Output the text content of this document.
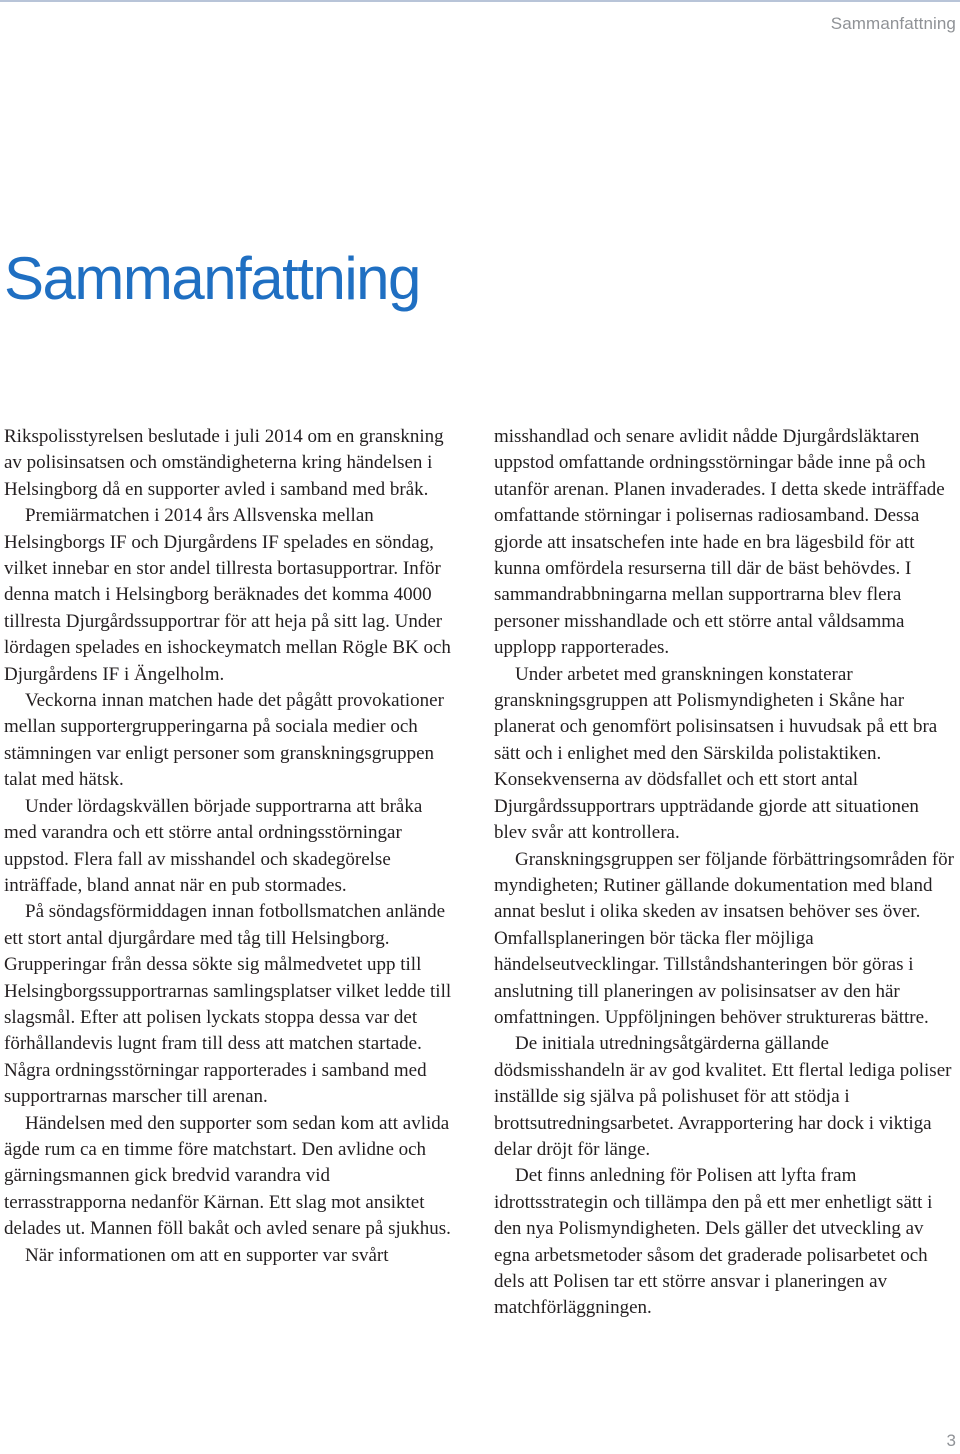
Sammanfattning
Sammanfattning

Rikspolisstyrelsen beslutade i juli 2014 om en granskning av polisinsatsen och omständigheterna kring händelsen i Helsingborg då en supporter avled i samband med bråk.

Premiärmatchen i 2014 års Allsvenska mellan Helsingborgs IF och Djurgårdens IF spelades en söndag, vilket innebar en stor andel tillresta bortasupportrar. Inför denna match i Helsingborg beräknades det komma 4000 tillresta Djurgårdssupportrar för att heja på sitt lag. Under lördagen spelades en ishockeymatch mellan Rögle BK och Djurgårdens IF i Ängelholm.

Veckorna innan matchen hade det pågått provokationer mellan supportergrupperingarna på sociala medier och stämningen var enligt personer som granskningsgruppen talat med hätsk.

Under lördagskvällen började supportrarna att bråka med varandra och ett större antal ordningsstörningar uppstod. Flera fall av misshandel och skadegörelse inträffade, bland annat när en pub stormades.

På söndagsförmiddagen innan fotbollsmatchen anlände ett stort antal djurgårdare med tåg till Helsingborg. Grupperingar från dessa sökte sig målmedvetet upp till Helsingborgssupportrarnas samlingsplatser vilket ledde till slagsmål. Efter att polisen lyckats stoppa dessa var det förhållandevis lugnt fram till dess att matchen startade. Några ordningsstörningar rapporterades i samband med supportrarnas marscher till arenan.

Händelsen med den supporter som sedan kom att avlida ägde rum ca en timme före matchstart. Den avlidne och gärningsmannen gick bredvid varandra vid terrasstrapporna nedanför Kärnan. Ett slag mot ansiktet delades ut. Mannen föll bakåt och avled senare på sjukhus.

När informationen om att en supporter var svårt

misshandlad och senare avlidit nådde Djurgårdsläktaren uppstod omfattande ordningsstörningar både inne på och utanför arenan. Planen invaderades. I detta skede inträffade omfattande störningar i polisernas radiosamband. Dessa gjorde att insatschefen inte hade en bra lägesbild för att kunna omfördela resurserna till där de bäst behövdes. I sammandrabbningarna mellan supportrarna blev flera personer misshandlade och ett större antal våldsamma upplopp rapporterades.

Under arbetet med granskningen konstaterar granskningsgruppen att Polismyndigheten i Skåne har planerat och genomfört polisinsatsen i huvudsak på ett bra sätt och i enlighet med den Särskilda polistaktiken. Konsekvenserna av dödsfallet och ett stort antal Djurgårdssupportrars uppträdande gjorde att situationen blev svår att kontrollera.

Granskningsgruppen ser följande förbättringsområden för myndigheten; Rutiner gällande dokumentation med bland annat beslut i olika skeden av insatsen behöver ses över. Omfallsplaneringen bör täcka fler möjliga händelseutvecklingar. Tillståndshanteringen bör göras i anslutning till planeringen av polisinsatser av den här omfattningen. Uppföljningen behöver struktureras bättre.

De initiala utredningsåtgärderna gällande dödsmisshandeln är av god kvalitet. Ett flertal lediga poliser inställde sig själva på polishuset för att stödja i brottsutredningsarbetet. Avrapportering har dock i viktiga delar dröjt för länge.

Det finns anledning för Polisen att lyfta fram idrottsstrategin och tillämpa den på ett mer enhetligt sätt i den nya Polismyndigheten. Dels gäller det utveckling av egna arbetsmetoder såsom det graderade polisarbetet och dels att Polisen tar ett större ansvar i planeringen av matchförläggningen.

3
